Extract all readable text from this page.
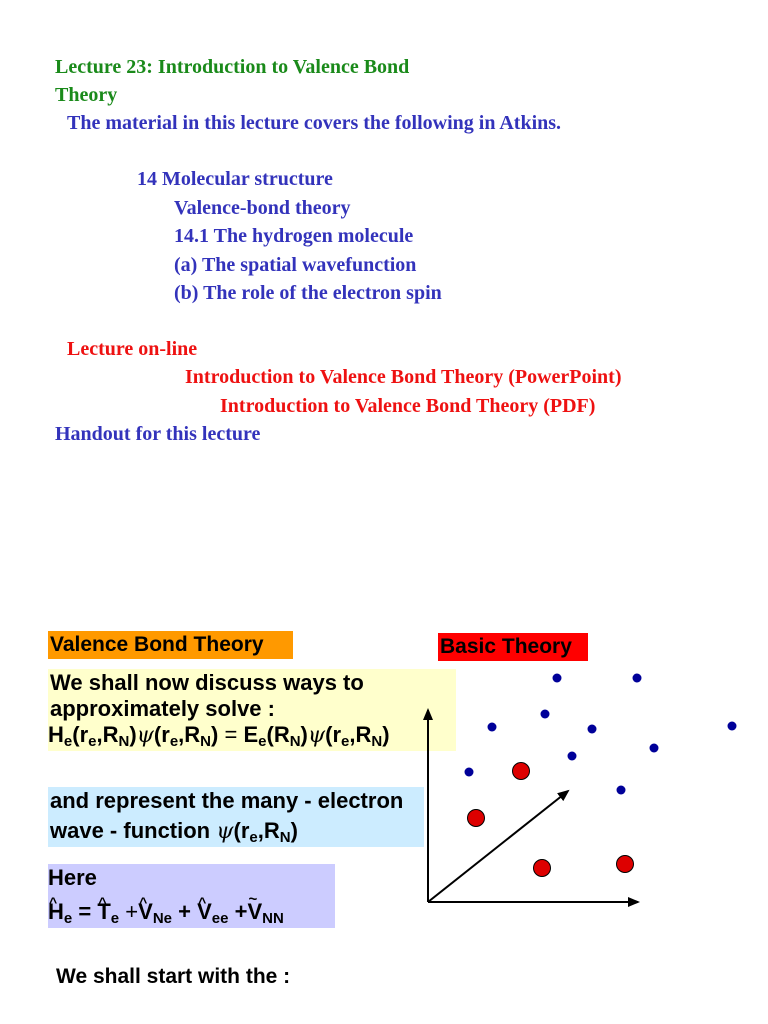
Lecture 23: Introduction to Valence Bond
Theory
The material in this lecture covers the following in Atkins.
14 Molecular structure
Valence-bond theory
14.1 The hydrogen molecule
(a) The spatial wavefunction
(b) The role of the electron spin
Lecture on-line
Introduction to Valence Bond Theory (PowerPoint)
Introduction to Valence Bond Theory (PDF)
Handout for this lecture
Valence Bond Theory	Basic Theory
We shall now discuss ways to
approximately solve :
$H_e(r_e,R_N)\psi(r_e,R_N) = E_e(R_N)\psi(r_e,R_N)$
and represent the many - electron
wave - function $\psi(r_e,R_N)$
Here
^ $H_e$ = ^ $T_e$ +^ $V_{Ne}$ + ^ $V_{ee}$ +~ $V_{NN}$
We shall start with the :
